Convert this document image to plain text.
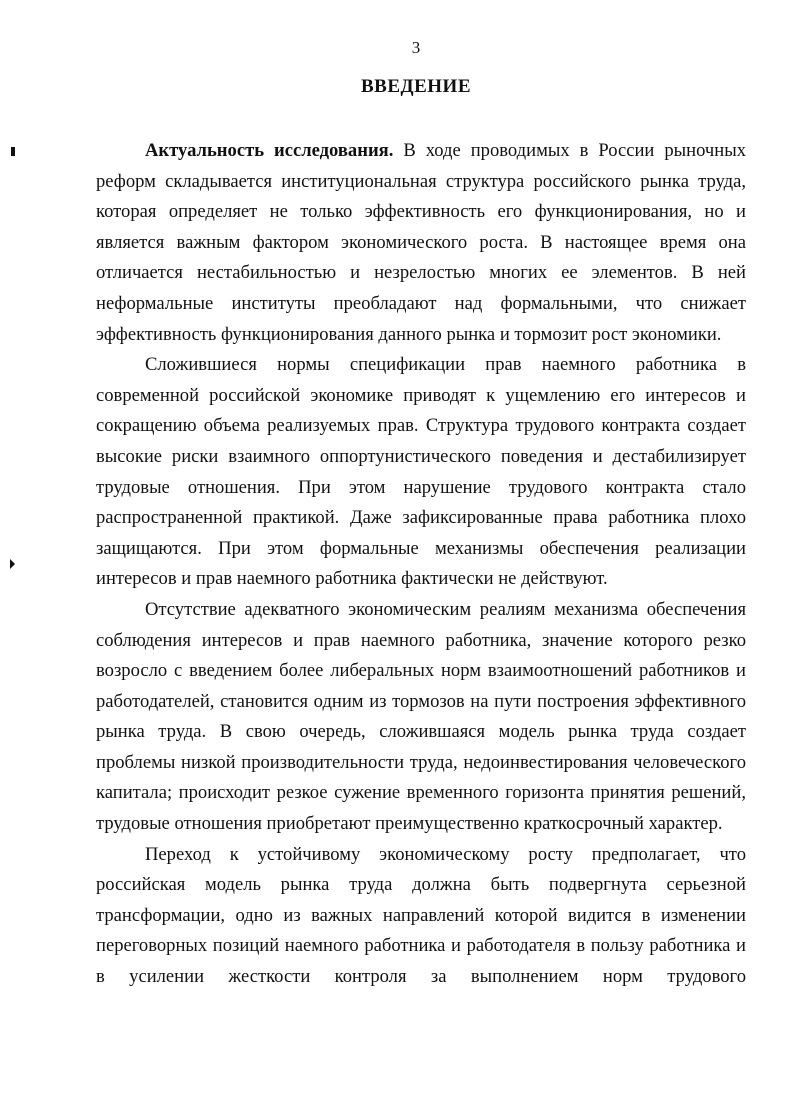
3
ВВЕДЕНИЕ

Актуальность исследования. В ходе проводимых в России рыночных реформ складывается институциональная структура российского рынка труда, которая определяет не только эффективность его функционирования, но и является важным фактором экономического роста. В настоящее время она отличается нестабильностью и незрелостью многих ее элементов. В ней неформальные институты преобладают над формальными, что снижает эффективность функционирования данного рынка и тормозит рост экономики.

Сложившиеся нормы спецификации прав наемного работника в современной российской экономике приводят к ущемлению его интересов и сокращению объема реализуемых прав. Структура трудового контракта создает высокие риски взаимного оппортунистического поведения и дестабилизирует трудовые отношения. При этом нарушение трудового контракта стало распространенной практикой. Даже зафиксированные права работника плохо защищаются. При этом формальные механизмы обеспечения реализации интересов и прав наемного работника фактически не действуют.

Отсутствие адекватного экономическим реалиям механизма обеспечения соблюдения интересов и прав наемного работника, значение которого резко возросло с введением более либеральных норм взаимоотношений работников и работодателей, становится одним из тормозов на пути построения эффективного рынка труда. В свою очередь, сложившаяся модель рынка труда создает проблемы низкой производительности труда, недоинвестирования человеческого капитала; происходит резкое сужение временного горизонта принятия решений, трудовые отношения приобретают преимущественно краткосрочный характер.

Переход к устойчивому экономическому росту предполагает, что российская модель рынка труда должна быть подвергнута серьезной трансформации, одно из важных направлений которой видится в изменении переговорных позиций наемного работника и работодателя в пользу работника и в усилении жесткости контроля за выполнением норм трудового
